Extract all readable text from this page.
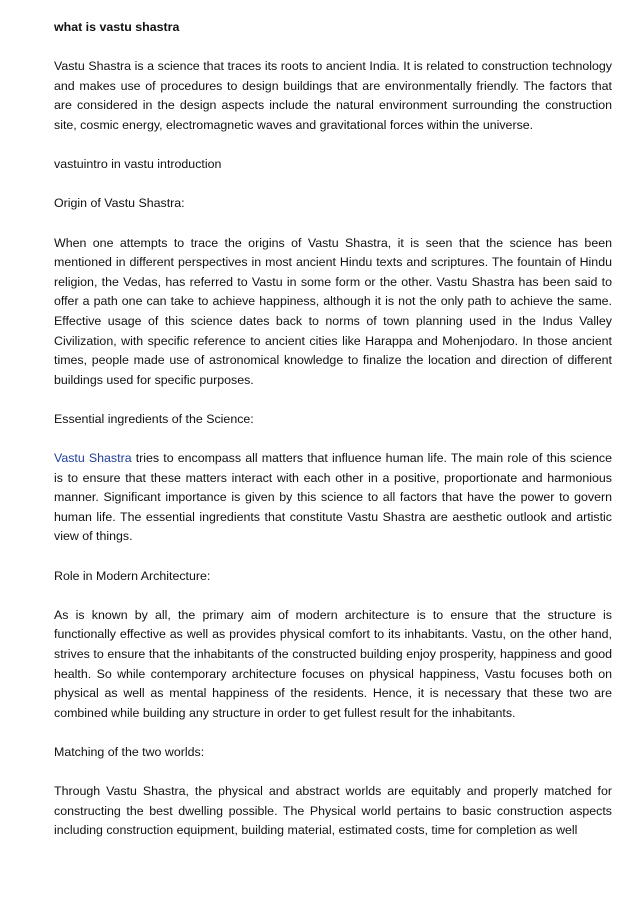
what is vastu shastra

Vastu Shastra is a science that traces its roots to ancient India. It is related to construction technology and makes use of procedures to design buildings that are environmentally friendly. The factors that are considered in the design aspects include the natural environment surrounding the construction site, cosmic energy, electromagnetic waves and gravitational forces within the universe.

vastuintro in vastu introduction

Origin of Vastu Shastra:

When one attempts to trace the origins of Vastu Shastra, it is seen that the science has been mentioned in different perspectives in most ancient Hindu texts and scriptures. The fountain of Hindu religion, the Vedas, has referred to Vastu in some form or the other. Vastu Shastra has been said to offer a path one can take to achieve happiness, although it is not the only path to achieve the same. Effective usage of this science dates back to norms of town planning used in the Indus Valley Civilization, with specific reference to ancient cities like Harappa and Mohenjodaro. In those ancient times, people made use of astronomical knowledge to finalize the location and direction of different buildings used for specific purposes.

Essential ingredients of the Science:

Vastu Shastra tries to encompass all matters that influence human life. The main role of this science is to ensure that these matters interact with each other in a positive, proportionate and harmonious manner. Significant importance is given by this science to all factors that have the power to govern human life. The essential ingredients that constitute Vastu Shastra are aesthetic outlook and artistic view of things.

Role in Modern Architecture:

As is known by all, the primary aim of modern architecture is to ensure that the structure is functionally effective as well as provides physical comfort to its inhabitants. Vastu, on the other hand, strives to ensure that the inhabitants of the constructed building enjoy prosperity, happiness and good health. So while contemporary architecture focuses on physical happiness, Vastu focuses both on physical as well as mental happiness of the residents. Hence, it is necessary that these two are combined while building any structure in order to get fullest result for the inhabitants.

Matching of the two worlds:

Through Vastu Shastra, the physical and abstract worlds are equitably and properly matched for constructing the best dwelling possible. The Physical world pertains to basic construction aspects including construction equipment, building material, estimated costs, time for completion as well
